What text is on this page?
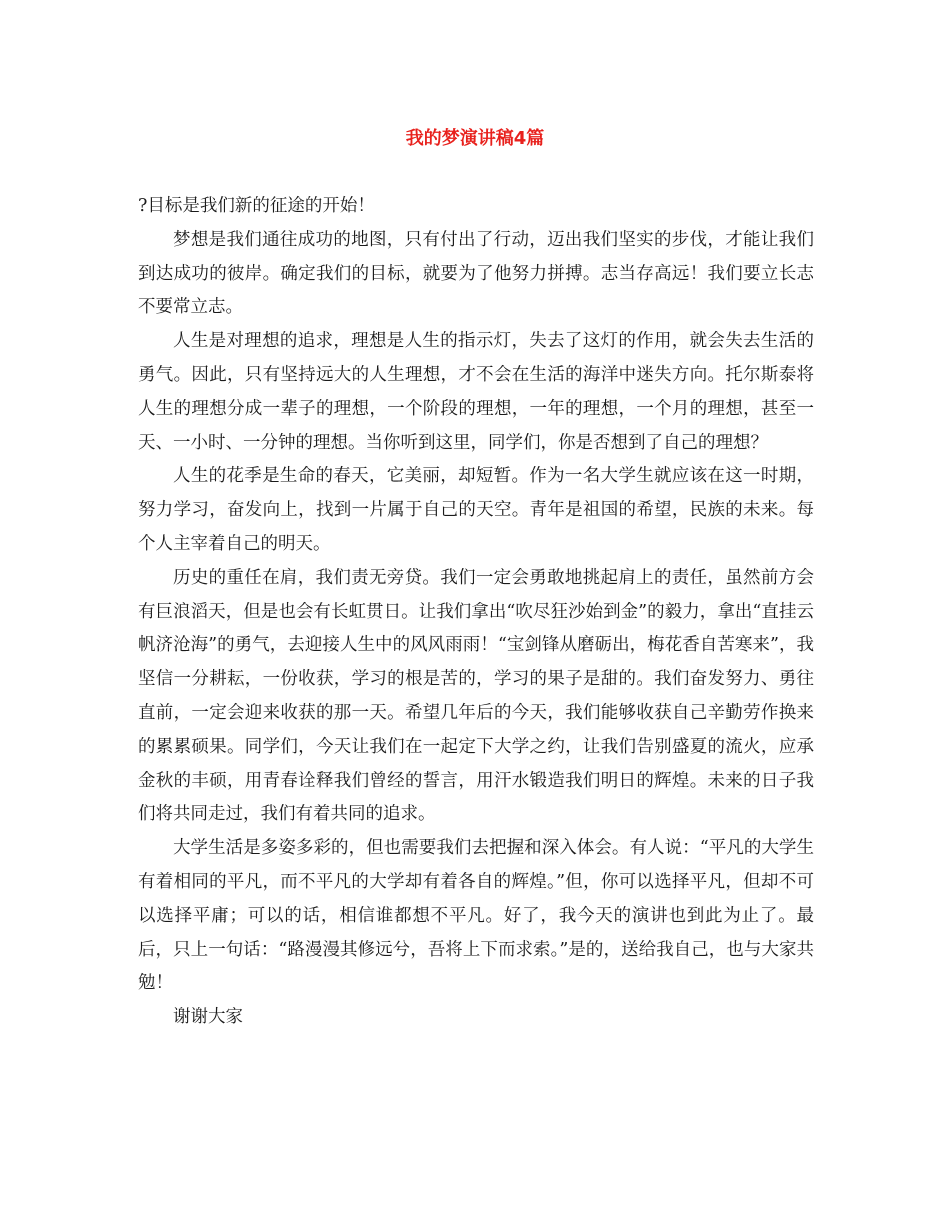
我的梦演讲稿4篇

?目标是我们新的征途的开始！

梦想是我们通往成功的地图，只有付出了行动，迈出我们坚实的步伐，才能让我们到达成功的彼岸。确定我们的目标，就要为了他努力拼搏。志当存高远！我们要立长志不要常立志。

人生是对理想的追求，理想是人生的指示灯，失去了这灯的作用，就会失去生活的勇气。因此，只有坚持远大的人生理想，才不会在生活的海洋中迷失方向。托尔斯泰将人生的理想分成一辈子的理想，一个阶段的理想，一年的理想，一个月的理想，甚至一天、一小时、一分钟的理想。当你听到这里，同学们，你是否想到了自己的理想？

人生的花季是生命的春天，它美丽，却短暂。作为一名大学生就应该在这一时期，努力学习，奋发向上，找到一片属于自己的天空。青年是祖国的希望，民族的未来。每个人主宰着自己的明天。

历史的重任在肩，我们责无旁贷。我们一定会勇敢地挑起肩上的责任，虽然前方会有巨浪滔天，但是也会有长虹贯日。让我们拿出“吹尽狂沙始到金”的毅力，拿出“直挂云帆济沧海”的勇气，去迎接人生中的风风雨雨！“宝剑锋从磨砺出，梅花香自苦寒来”，我坚信一分耕耘，一份收获，学习的根是苦的，学习的果子是甜的。我们奋发努力、勇往直前，一定会迎来收获的那一天。希望几年后的今天，我们能够收获自己辛勤劳作换来的累累硕果。同学们，今天让我们在一起定下大学之约，让我们告别盛夏的流火，应承金秋的丰硕，用青春诠释我们曾经的誓言，用汗水锻造我们明日的辉煌。未来的日子我们将共同走过，我们有着共同的追求。

大学生活是多姿多彩的，但也需要我们去把握和深入体会。有人说：“平凡的大学生有着相同的平凡，而不平凡的大学却有着各自的辉煌。”但，你可以选择平凡，但却不可以选择平庸；可以的话，相信谁都想不平凡。好了，我今天的演讲也到此为止了。最后，只上一句话：“路漫漫其修远兮，吾将上下而求索。”是的，送给我自己，也与大家共勉！

谢谢大家
